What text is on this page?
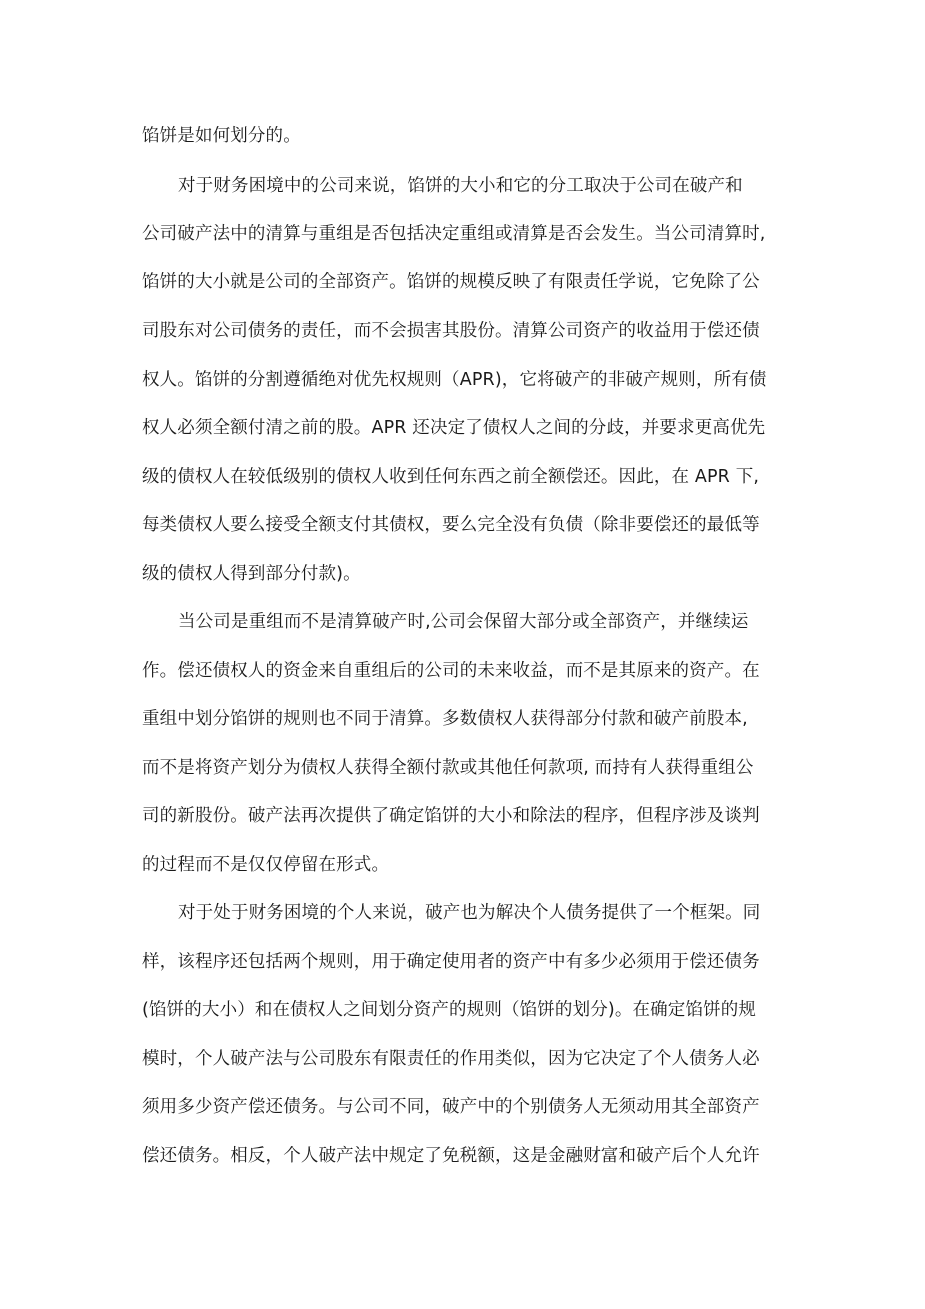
馅饼是如何划分的。
对于财务困境中的公司来说，馅饼的大小和它的分工取决于公司在破产和
公司破产法中的清算与重组是否包括决定重组或清算是否会发生。当公司清算时,
馅饼的大小就是公司的全部资产。馅饼的规模反映了有限责任学说，它免除了公
司股东对公司债务的责任，而不会损害其股份。清算公司资产的收益用于偿还债
权人。馅饼的分割遵循绝对优先权规则（APR)，它将破产的非破产规则，所有债
权人必须全额付清之前的股。APR 还决定了债权人之间的分歧，并要求更高优先
级的债权人在较低级别的债权人收到任何东西之前全额偿还。因此，在 APR 下,
每类债权人要么接受全额支付其债权，要么完全没有负债（除非要偿还的最低等
级的债权人得到部分付款)。
当公司是重组而不是清算破产时,公司会保留大部分或全部资产，并继续运
作。偿还债权人的资金来自重组后的公司的未来收益，而不是其原来的资产。在
重组中划分馅饼的规则也不同于清算。多数债权人获得部分付款和破产前股本,
而不是将资产划分为债权人获得全额付款或其他任何款项, 而持有人获得重组公
司的新股份。破产法再次提供了确定馅饼的大小和除法的程序，但程序涉及谈判
的过程而不是仅仅停留在形式。
对于处于财务困境的个人来说，破产也为解决个人债务提供了一个框架。同
样，该程序还包括两个规则，用于确定使用者的资产中有多少必须用于偿还债务
(馅饼的大小）和在债权人之间划分资产的规则（馅饼的划分)。在确定馅饼的规
模时，个人破产法与公司股东有限责任的作用类似，因为它决定了个人债务人必
须用多少资产偿还债务。与公司不同，破产中的个别债务人无须动用其全部资产
偿还债务。相反，个人破产法中规定了免税额，这是金融财富和破产后个人允许
